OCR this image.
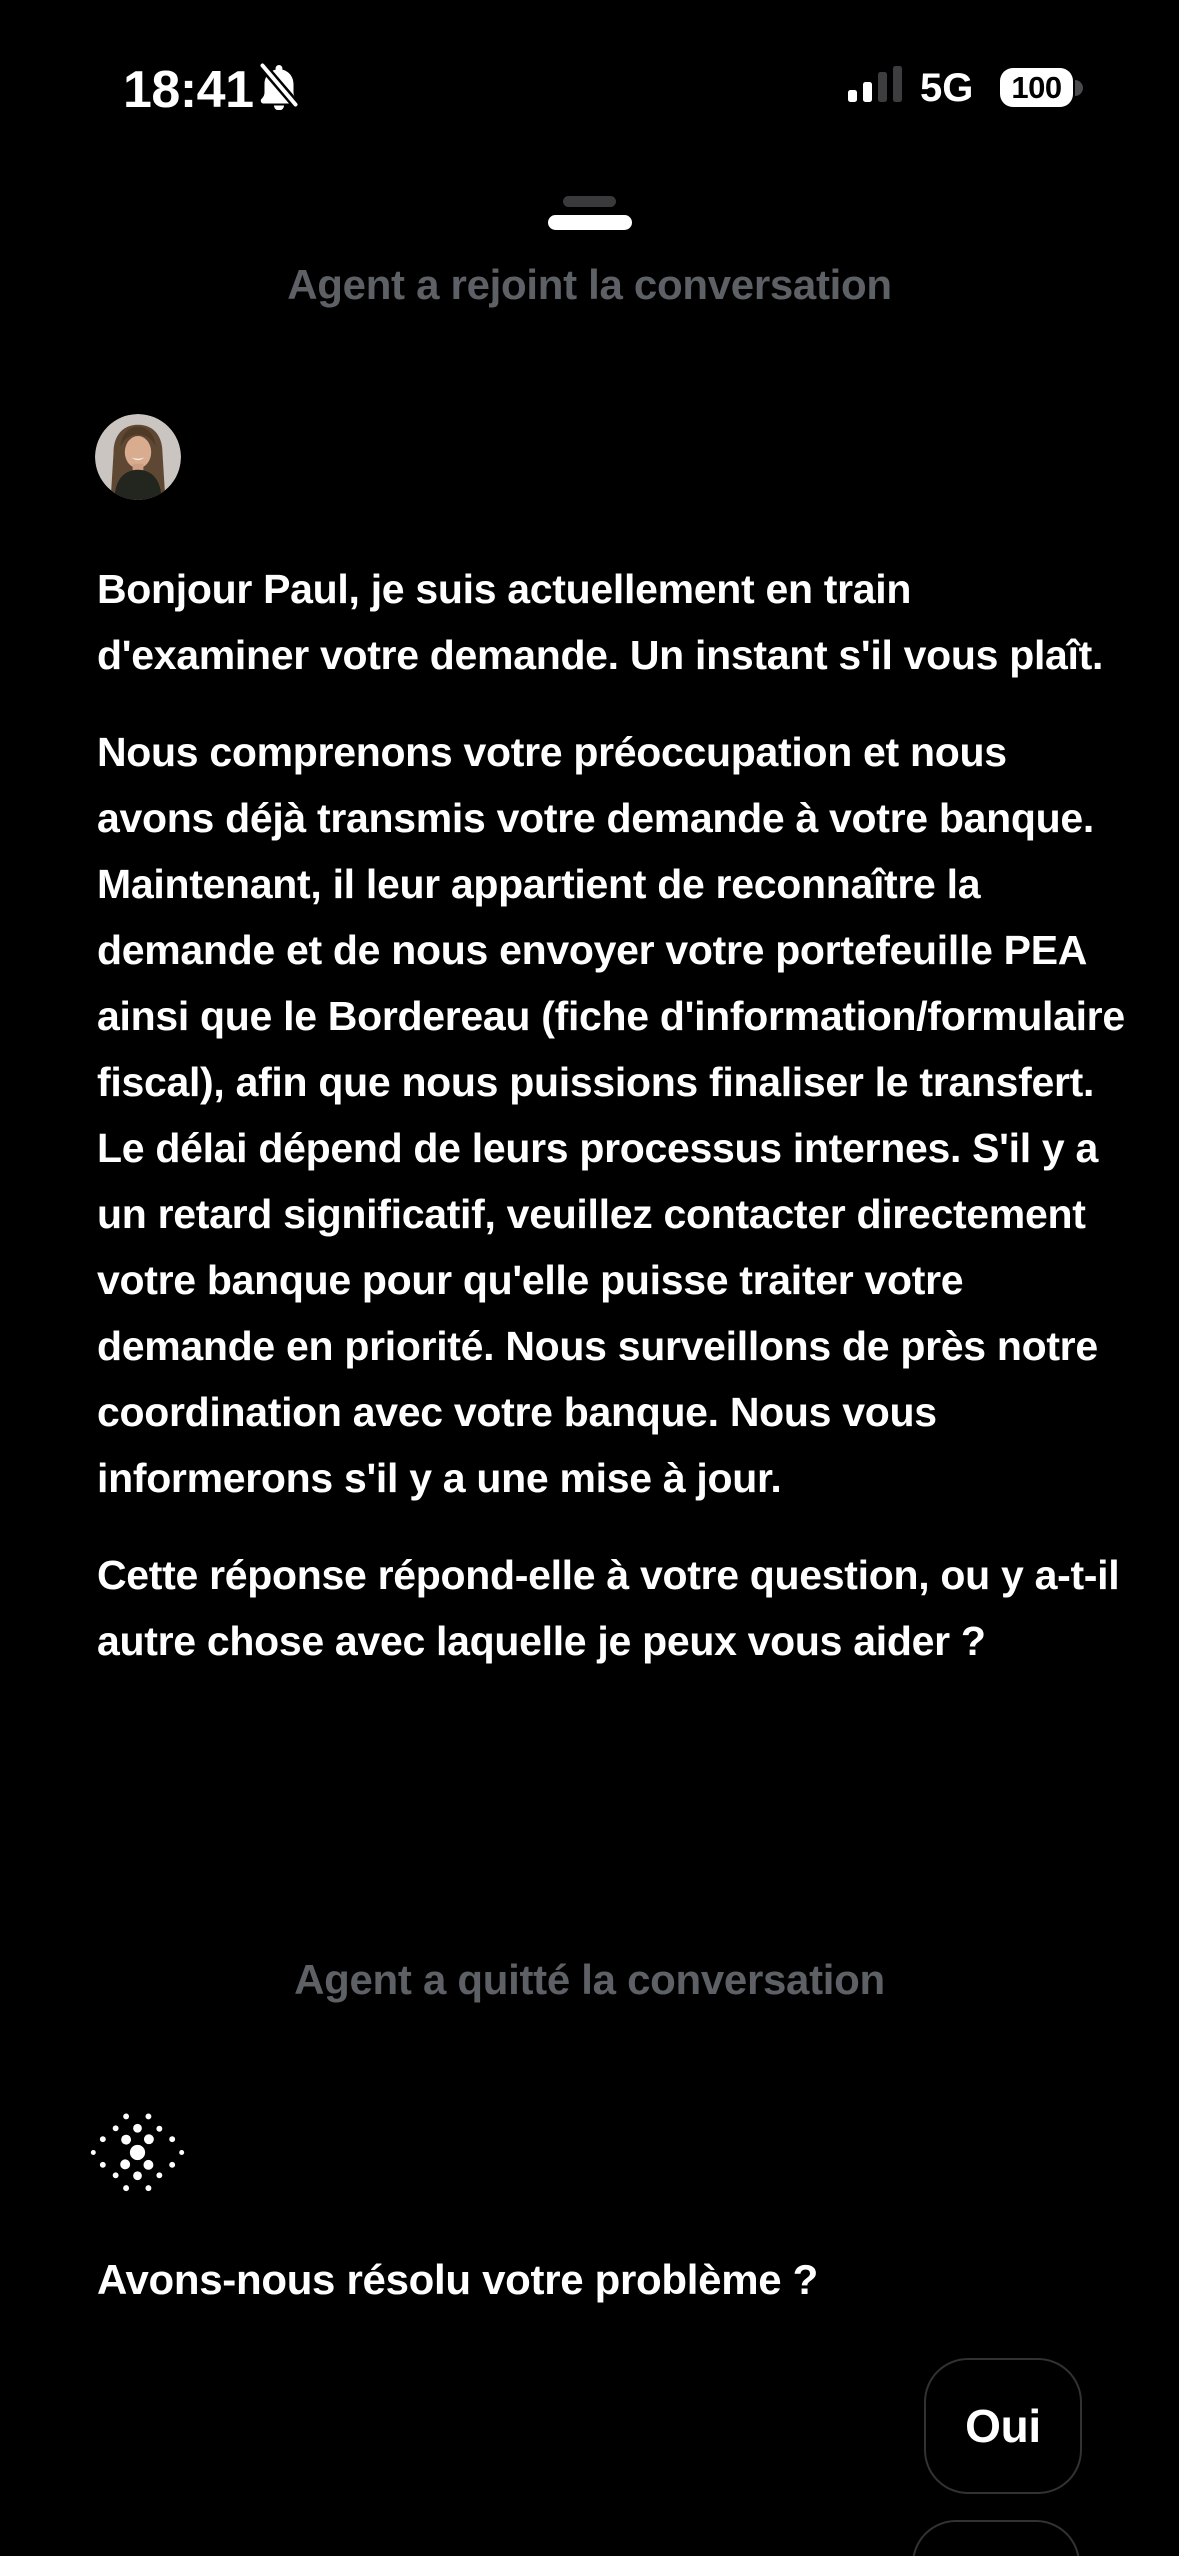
18:41	5G 100
Agent a rejoint la conversation

Bonjour Paul, je suis actuellement en train d'examiner votre demande. Un instant s'il vous plaît.

Nous comprenons votre préoccupation et nous avons déjà transmis votre demande à votre banque. Maintenant, il leur appartient de reconnaître la demande et de nous envoyer votre portefeuille PEA ainsi que le Bordereau (fiche d'information/formulaire fiscal), afin que nous puissions finaliser le transfert. Le délai dépend de leurs processus internes. S'il y a un retard significatif, veuillez contacter directement votre banque pour qu'elle puisse traiter votre demande en priorité. Nous surveillons de près notre coordination avec votre banque. Nous vous informerons s'il y a une mise à jour.

Cette réponse répond-elle à votre question, ou y a-t-il autre chose avec laquelle je peux vous aider ?

Agent a quitté la conversation
Avons-nous résolu votre problème ?
Oui
